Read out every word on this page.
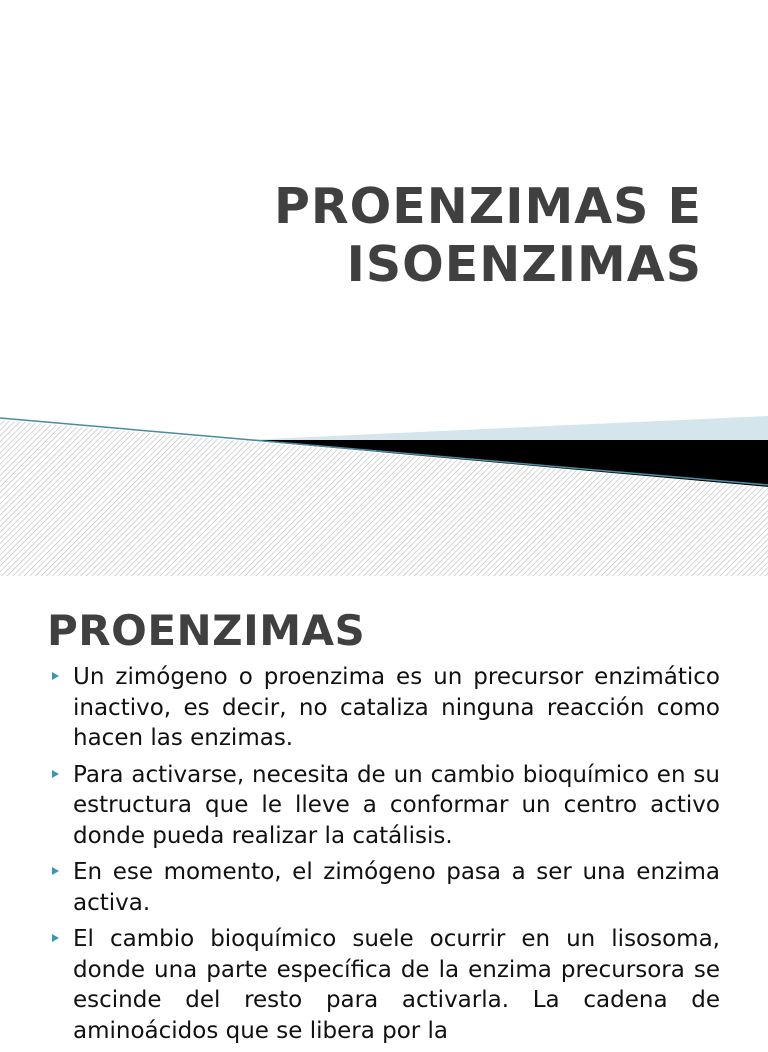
PROENZIMAS E
ISOENZIMAS
PROENZIMAS
Un zimógeno o proenzima es un precursor enzimático inactivo, es decir, no cataliza ninguna reacción como hacen las enzimas.
Para activarse, necesita de un cambio bioquímico en su estructura que le lleve a conformar un centro activo donde pueda realizar la catálisis.
En ese momento, el zimógeno pasa a ser una enzima activa.
El cambio bioquímico suele ocurrir en un lisosoma, donde una parte específica de la enzima precursora se escinde del resto para activarla. La cadena de aminoácidos que se libera por la
